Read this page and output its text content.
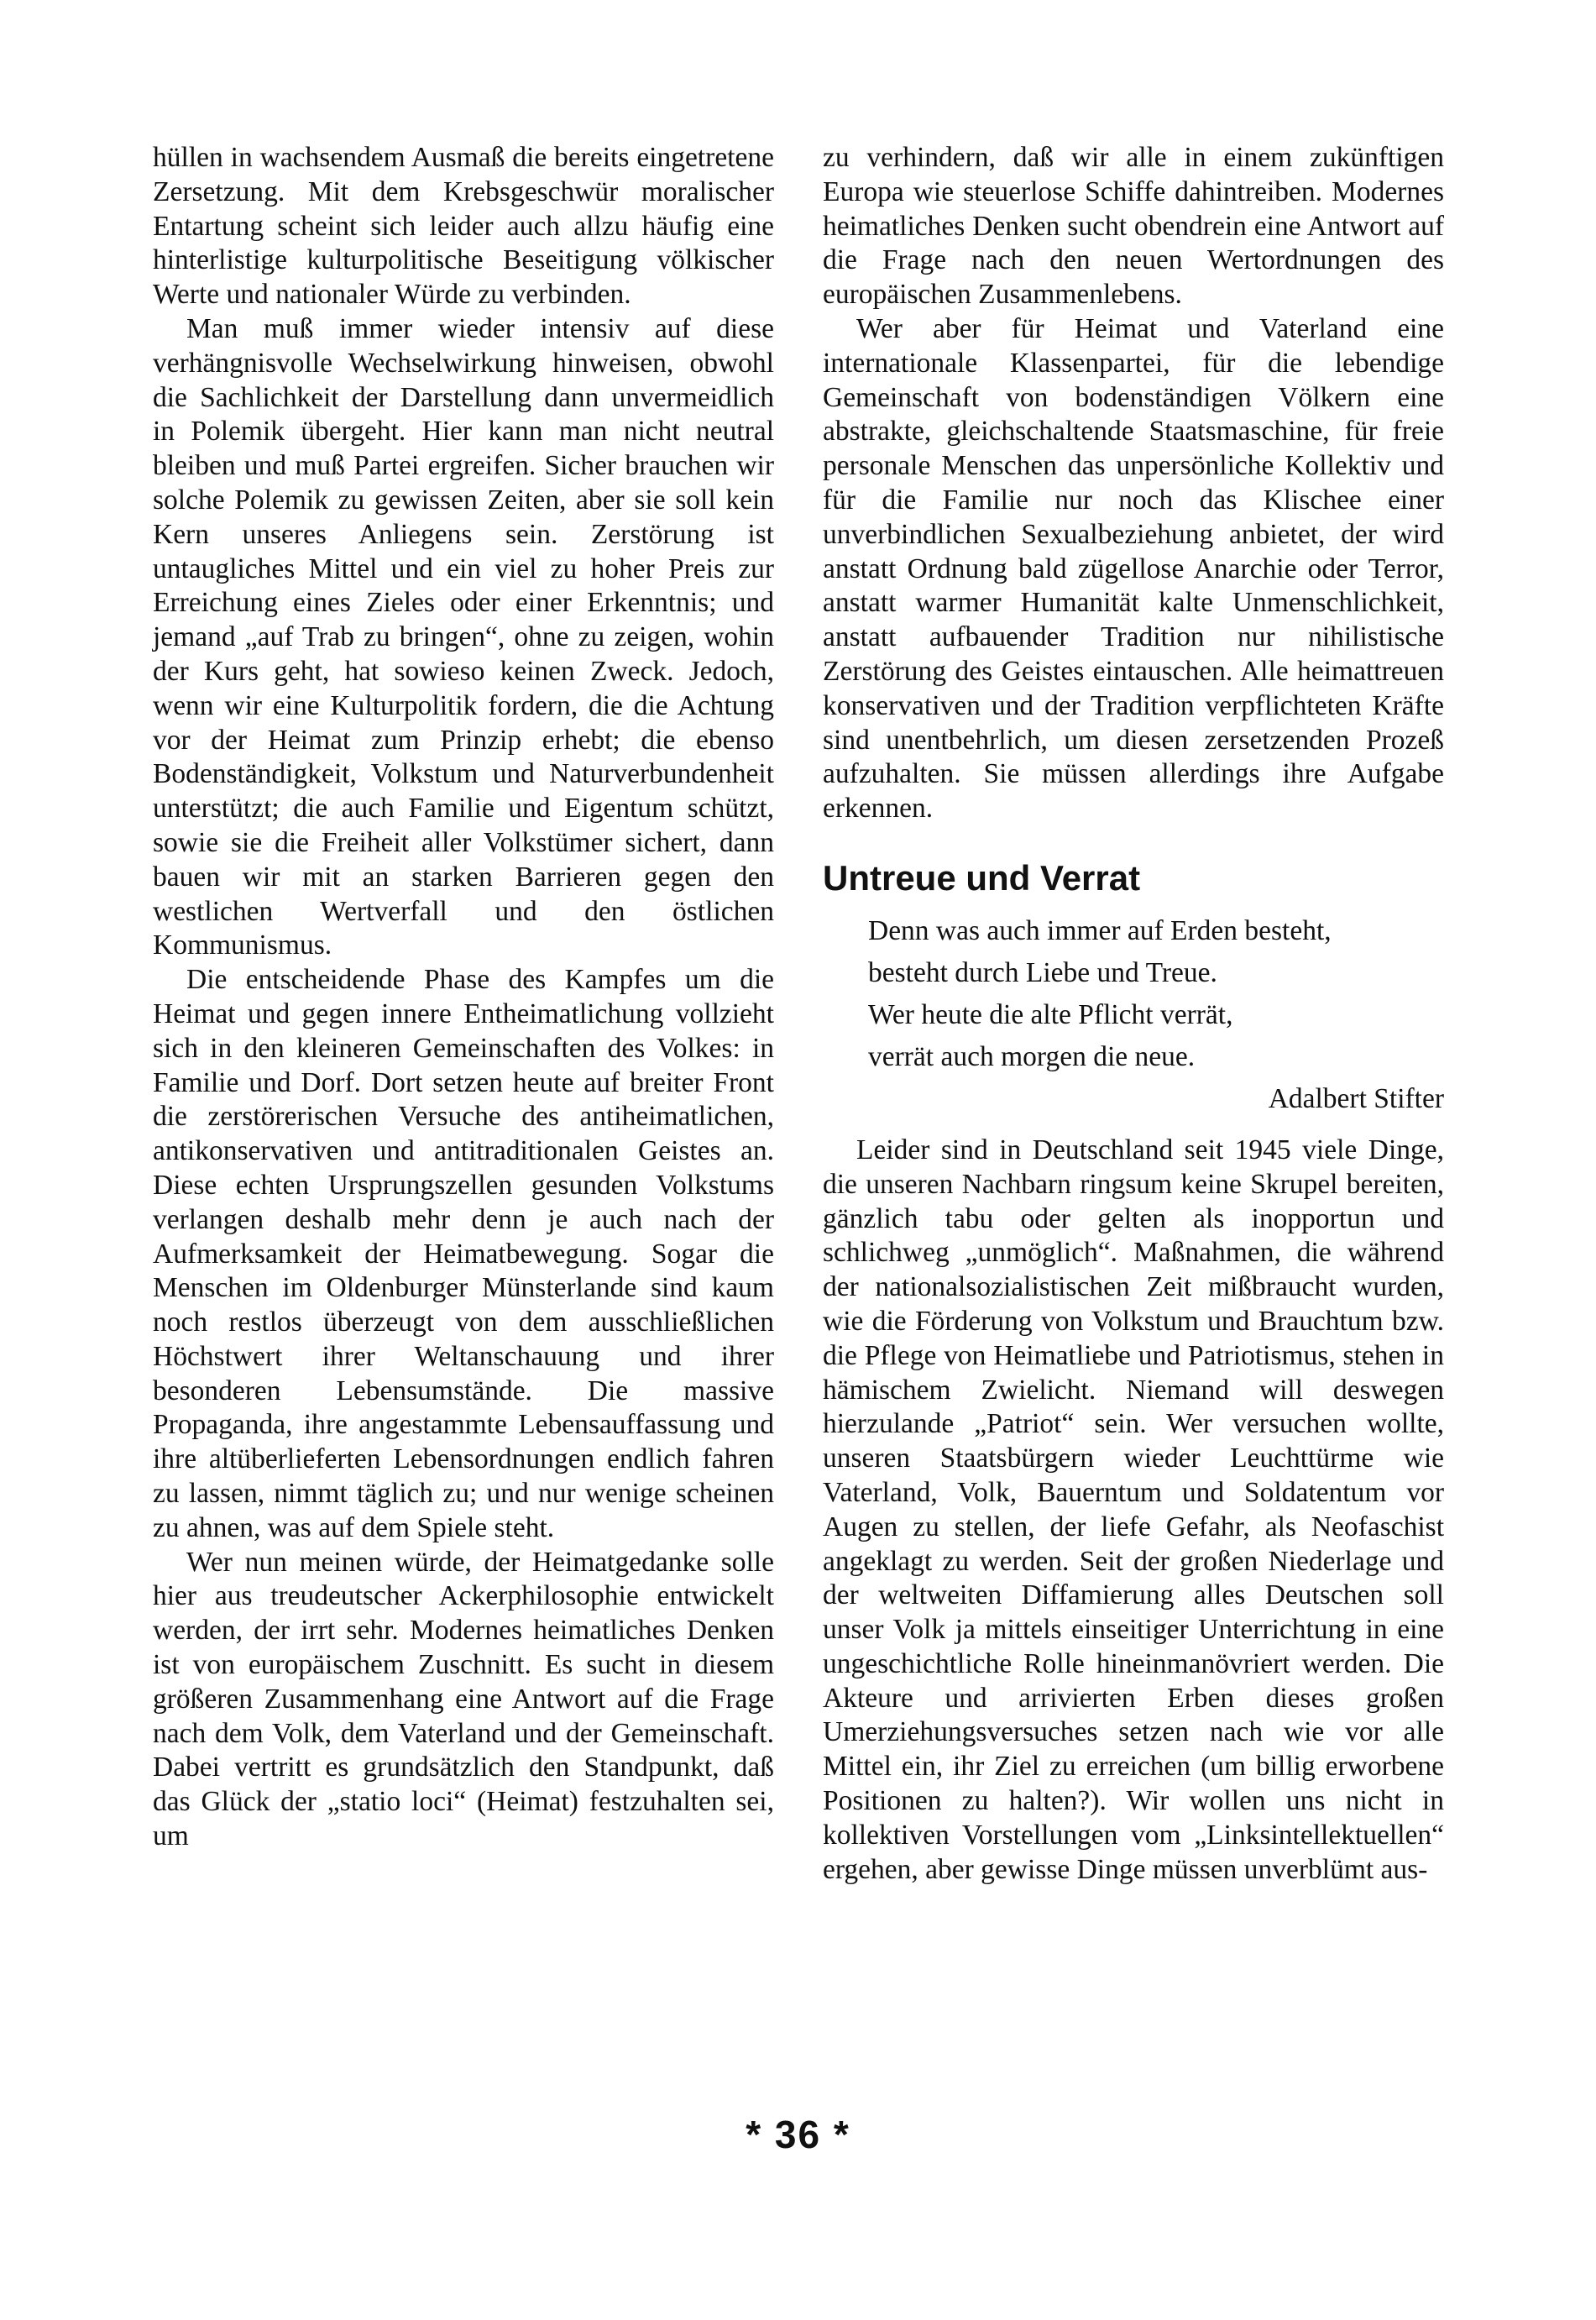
hüllen in wachsendem Ausmaß die bereits eingetretene Zersetzung. Mit dem Krebsgeschwür moralischer Entartung scheint sich leider auch allzu häufig eine hinterlistige kulturpolitische Beseitigung völkischer Werte und nationaler Würde zu verbinden.

Man muß immer wieder intensiv auf diese verhängnisvolle Wechselwirkung hinweisen, obwohl die Sachlichkeit der Darstellung dann unvermeidlich in Polemik übergeht. Hier kann man nicht neutral bleiben und muß Partei ergreifen. Sicher brauchen wir solche Polemik zu gewissen Zeiten, aber sie soll kein Kern unseres Anliegens sein. Zerstörung ist untaugliches Mittel und ein viel zu hoher Preis zur Erreichung eines Zieles oder einer Erkenntnis; und jemand „auf Trab zu bringen“, ohne zu zeigen, wohin der Kurs geht, hat sowieso keinen Zweck. Jedoch, wenn wir eine Kulturpolitik fordern, die die Achtung vor der Heimat zum Prinzip erhebt; die ebenso Bodenständigkeit, Volkstum und Naturverbundenheit unterstützt; die auch Familie und Eigentum schützt, sowie sie die Freiheit aller Volkstümer sichert, dann bauen wir mit an starken Barrieren gegen den westlichen Wertverfall und den östlichen Kommunismus.

Die entscheidende Phase des Kampfes um die Heimat und gegen innere Entheimatlichung vollzieht sich in den kleineren Gemeinschaften des Volkes: in Familie und Dorf. Dort setzen heute auf breiter Front die zerstörerischen Versuche des antiheimatlichen, antikonservativen und antitraditionalen Geistes an. Diese echten Ursprungszellen gesunden Volkstums verlangen deshalb mehr denn je auch nach der Aufmerksamkeit der Heimatbewegung. Sogar die Menschen im Oldenburger Münsterlande sind kaum noch restlos überzeugt von dem ausschließlichen Höchstwert ihrer Weltanschauung und ihrer besonderen Lebensumstände. Die massive Propaganda, ihre angestammte Lebensauffassung und ihre altüberlieferten Lebensordnungen endlich fahren zu lassen, nimmt täglich zu; und nur wenige scheinen zu ahnen, was auf dem Spiele steht.

Wer nun meinen würde, der Heimatgedanke solle hier aus treudeutscher Ackerphilosophie entwickelt werden, der irrt sehr. Modernes heimatliches Denken ist von europäischem Zuschnitt. Es sucht in diesem größeren Zusammenhang eine Antwort auf die Frage nach dem Volk, dem Vaterland und der Gemeinschaft. Dabei vertritt es grundsätzlich den Standpunkt, daß das Glück der „statio loci“ (Heimat) festzuhalten sei, um

zu verhindern, daß wir alle in einem zukünftigen Europa wie steuerlose Schiffe dahintreiben. Modernes heimatliches Denken sucht obendrein eine Antwort auf die Frage nach den neuen Wertordnungen des europäischen Zusammenlebens.

Wer aber für Heimat und Vaterland eine internationale Klassenpartei, für die lebendige Gemeinschaft von bodenständigen Völkern eine abstrakte, gleichschaltende Staatsmaschine, für freie personale Menschen das unpersönliche Kollektiv und für die Familie nur noch das Klischee einer unverbindlichen Sexualbeziehung anbietet, der wird anstatt Ordnung bald zügellose Anarchie oder Terror, anstatt warmer Humanität kalte Unmenschlichkeit, anstatt aufbauender Tradition nur nihilistische Zerstörung des Geistes eintauschen. Alle heimattreuen konservativen und der Tradition verpflichteten Kräfte sind unentbehrlich, um diesen zersetzenden Prozeß aufzuhalten. Sie müssen allerdings ihre Aufgabe erkennen.

Untreue und Verrat
Denn was auch immer auf Erden besteht,
besteht durch Liebe und Treue.
Wer heute die alte Pflicht verrät,
verrät auch morgen die neue.
Adalbert Stifter

Leider sind in Deutschland seit 1945 viele Dinge, die unseren Nachbarn ringsum keine Skrupel bereiten, gänzlich tabu oder gelten als inopportun und schlichweg „unmöglich“. Maßnahmen, die während der nationalsozialistischen Zeit mißbraucht wurden, wie die Förderung von Volkstum und Brauchtum bzw. die Pflege von Heimatliebe und Patriotismus, stehen in hämischem Zwielicht. Niemand will deswegen hierzulande „Patriot“ sein. Wer versuchen wollte, unseren Staatsbürgern wieder Leuchttürme wie Vaterland, Volk, Bauerntum und Soldatentum vor Augen zu stellen, der liefe Gefahr, als Neofaschist angeklagt zu werden. Seit der großen Niederlage und der weltweiten Diffamierung alles Deutschen soll unser Volk ja mittels einseitiger Unterrichtung in eine ungeschichtliche Rolle hineinmanövriert werden. Die Akteure und arrivierten Erben dieses großen Umerziehungsversuches setzen nach wie vor alle Mittel ein, ihr Ziel zu erreichen (um billig erworbene Positionen zu halten?). Wir wollen uns nicht in kollektiven Vorstellungen vom „Linksintellektuellen“ ergehen, aber gewisse Dinge müssen unverblümt aus-

* 36 *
